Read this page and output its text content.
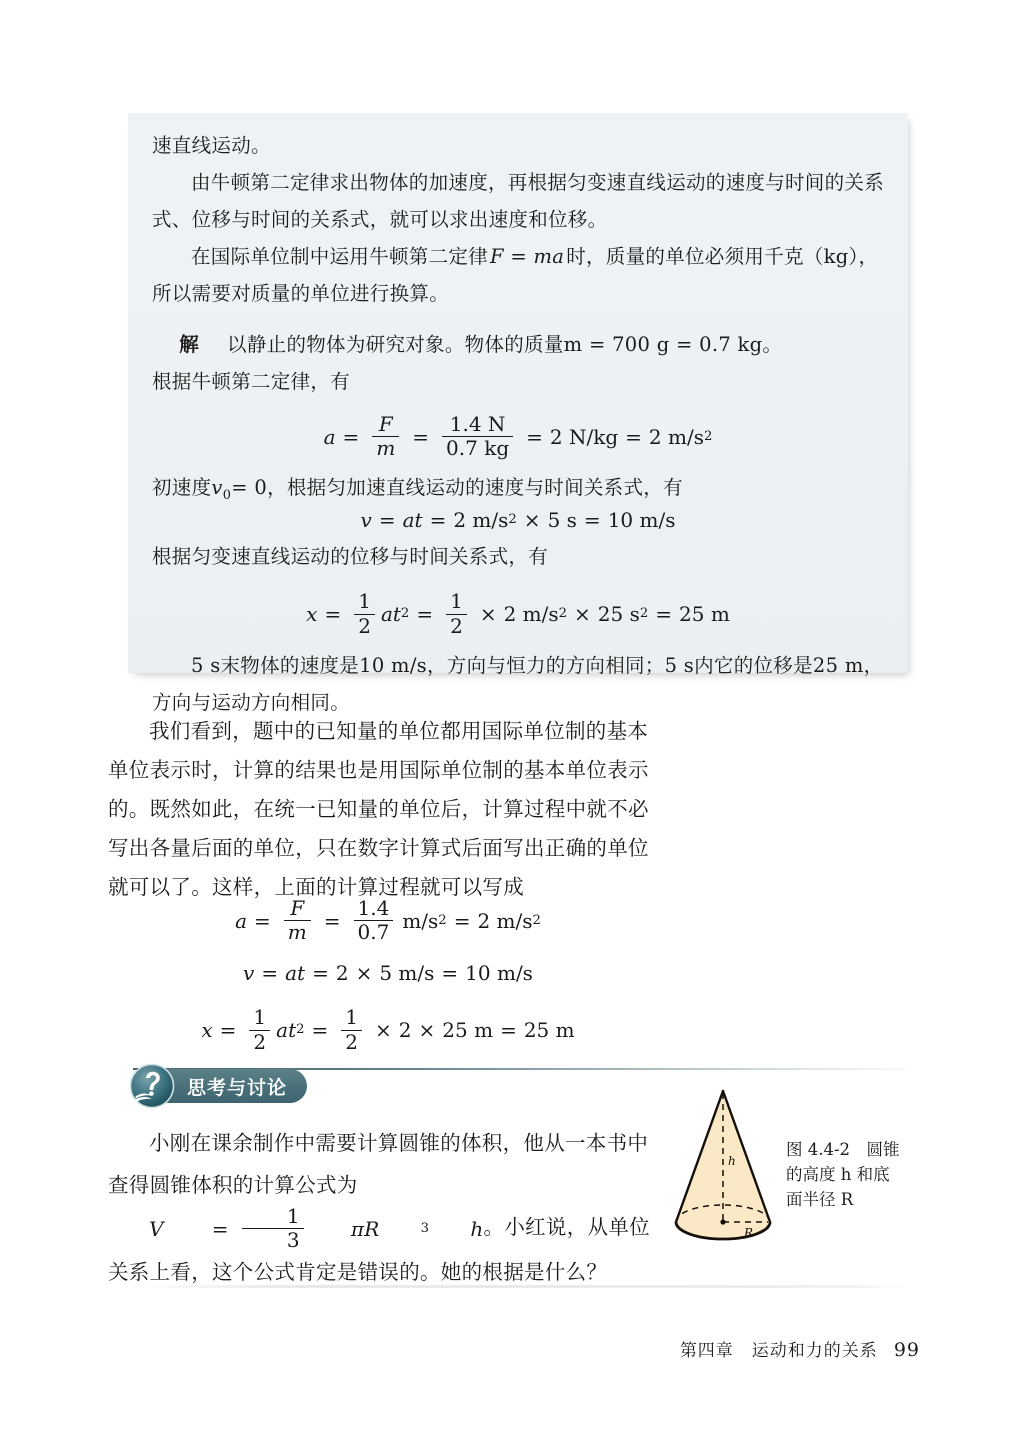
速直线运动。
由牛顿第二定律求出物体的加速度，再根据匀变速直线运动的速度与时间的关系式、位移与时间的关系式，就可以求出速度和位移。
在国际单位制中运用牛顿第二定律 F = ma 时，质量的单位必须用千克（kg），所以需要对质量的单位进行换算。
解 以静止的物体为研究对象。物体的质量m = 700 g = 0.7 kg。
根据牛顿第二定律，有
$a = \frac{F}{m} = \frac{1.4 N}{0.7 kg} = 2$ N/kg = 2 m/s 2
初速度$v_0= 0$，根据匀加速直线运动的速度与时间关系式，有
v = at = 2 m/s 2 × 5 s = 10 m/s
根据匀变速直线运动的位移与时间关系式，有
$x = \frac{1}{2}$ at $2 = \frac{1}{2} \times 2$ m/s 2 × 25 s 2 = 25 m
5 s末物体的速度是10 m/s，方向与恒力的方向相同；5 s内它的位移是25 m，方向与运动方向相同。
我们看到，题中的已知量的单位都用国际单位制的基本单位表示时，计算的结果也是用国际单位制的基本单位表示的。既然如此，在统一已知量的单位后，计算过程中就不必写出各量后面的单位，只在数字计算式后面写出正确的单位就可以了。这样，上面的计算过程就可以写成
$a = \frac{F}{m} = \frac{1.4}{0.7} m/s$ 2 = 2 m/s 2
v = at = 2 × 5 m/s = 10 m/s
$x = \frac{1}{2}$ at $2 = \frac{1}{2} \times 2 \times 25$ m = 25 m
思考与讨论
小刚在课余制作中需要计算圆锥的体积，他从一本书中查得圆锥体积的计算公式为
V	= $\frac{1}{3}$	πR	3	h 。小红说，从单位关系上看，这个公式肯定是错误的。她的根据是什么？
h
R
图 4.4-2　圆锥
的高度 h 和底
面半径 R
第四章　运动和力的关系 99
